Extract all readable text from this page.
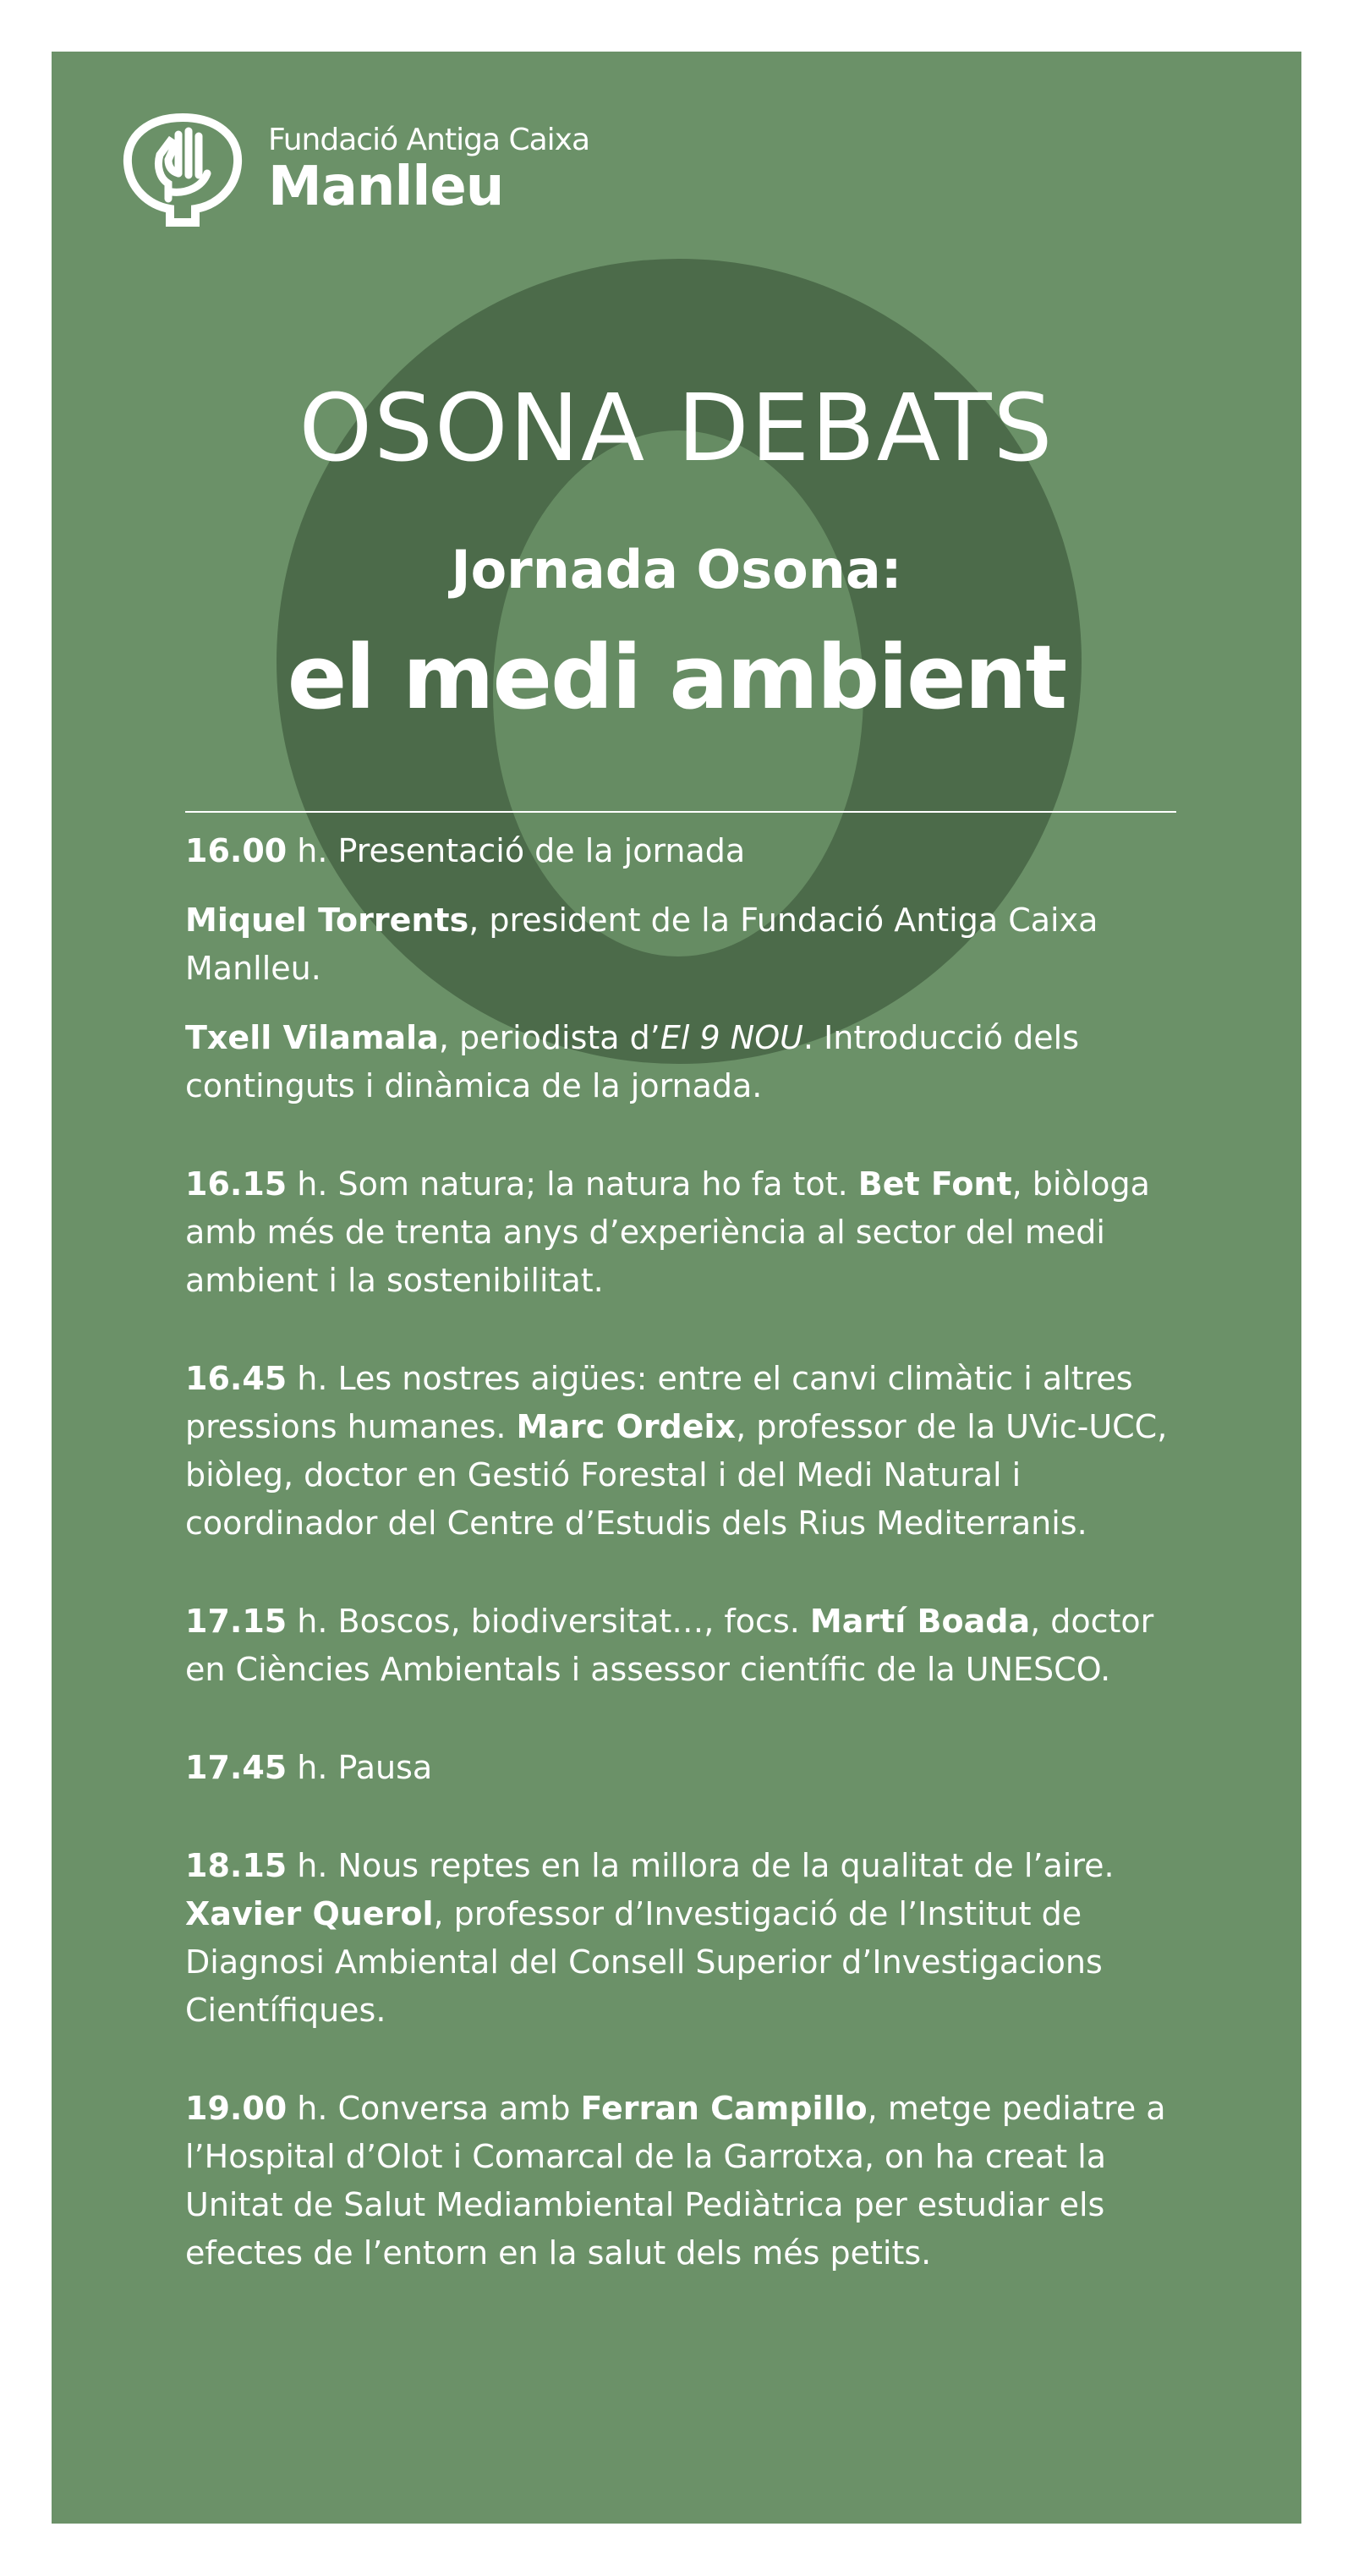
Fundació Antiga Caixa
Manlleu
OSONA DEBATS
Jornada Osona:
el medi ambient

16.00 h. Presentació de la jornada

Miquel Torrents, president de la Fundació Antiga Caixa Manlleu.

Txell Vilamala, periodista d’El 9 NOU. Introducció dels continguts i dinàmica de la jornada.

16.15 h. Som natura; la natura ho fa tot. Bet Font, biòloga amb més de trenta anys d’experiència al sector del medi ambient i la sostenibilitat.

16.45 h. Les nostres aigües: entre el canvi climàtic i altres pressions humanes. Marc Ordeix, professor de la UVic-UCC, biòleg, doctor en Gestió Forestal i del Medi Natural i coordinador del Centre d’Estudis dels Rius Mediterranis.

17.15 h. Boscos, biodiversitat…, focs. Martí Boada, doctor en Ciències Ambientals i assessor científic de la UNESCO.

17.45 h. Pausa

18.15 h. Nous reptes en la millora de la qualitat de l’aire. Xavier Querol, professor d’Investigació de l’Institut de Diagnosi Ambiental del Consell Superior d’Investigacions Científiques.

19.00 h. Conversa amb Ferran Campillo, metge pediatre a l’Hospital d’Olot i Comarcal de la Garrotxa, on ha creat la Unitat de Salut Mediambiental Pediàtrica per estudiar els efectes de l’entorn en la salut dels més petits.
